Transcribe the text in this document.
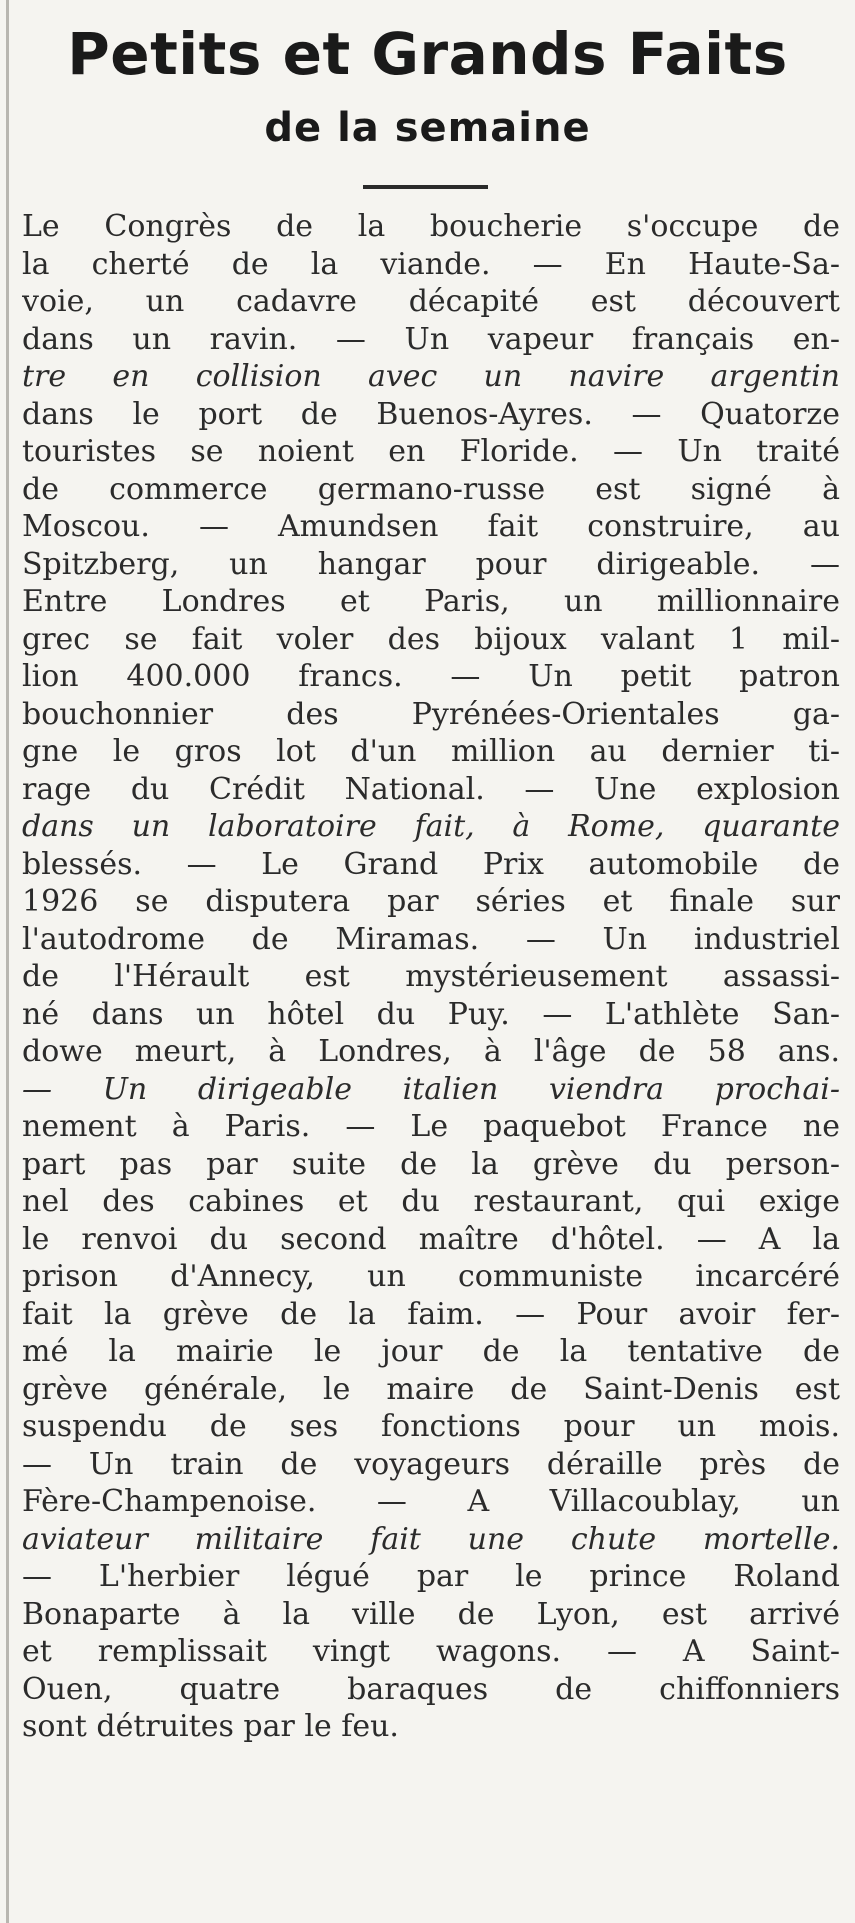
Petits et Grands Faits
de la semaine
Le Congrès de la boucherie s'occupe de
la cherté de la viande. — En Haute-Sa-
voie, un cadavre décapité est découvert
dans un ravin. — Un vapeur français en-
tre en collision avec un navire argentin
dans le port de Buenos-Ayres. — Quatorze
touristes se noient en Floride. — Un traité
de commerce germano-russe est signé à
Moscou. — Amundsen fait construire, au
Spitzberg, un hangar pour dirigeable. —
Entre Londres et Paris, un millionnaire
grec se fait voler des bijoux valant 1 mil-
lion 400.000 francs. — Un petit patron
bouchonnier des Pyrénées-Orientales ga-
gne le gros lot d'un million au dernier ti-
rage du Crédit National. — Une explosion
dans un laboratoire fait, à Rome, quarante
blessés. — Le Grand Prix automobile de
1926 se disputera par séries et finale sur
l'autodrome de Miramas. — Un industriel
de l'Hérault est mystérieusement assassi-
né dans un hôtel du Puy. — L'athlète San-
dowe meurt, à Londres, à l'âge de 58 ans.
— Un dirigeable italien viendra prochai-
nement à Paris. — Le paquebot France ne
part pas par suite de la grève du person-
nel des cabines et du restaurant, qui exige
le renvoi du second maître d'hôtel. — A la
prison d'Annecy, un communiste incarcéré
fait la grève de la faim. — Pour avoir fer-
mé la mairie le jour de la tentative de
grève générale, le maire de Saint-Denis est
suspendu de ses fonctions pour un mois.
— Un train de voyageurs déraille près de
Fère-Champenoise. — A Villacoublay, un
aviateur militaire fait une chute mortelle.
— L'herbier légué par le prince Roland
Bonaparte à la ville de Lyon, est arrivé
et remplissait vingt wagons. — A Saint-
Ouen, quatre baraques de chiffonniers
sont détruites par le feu.
